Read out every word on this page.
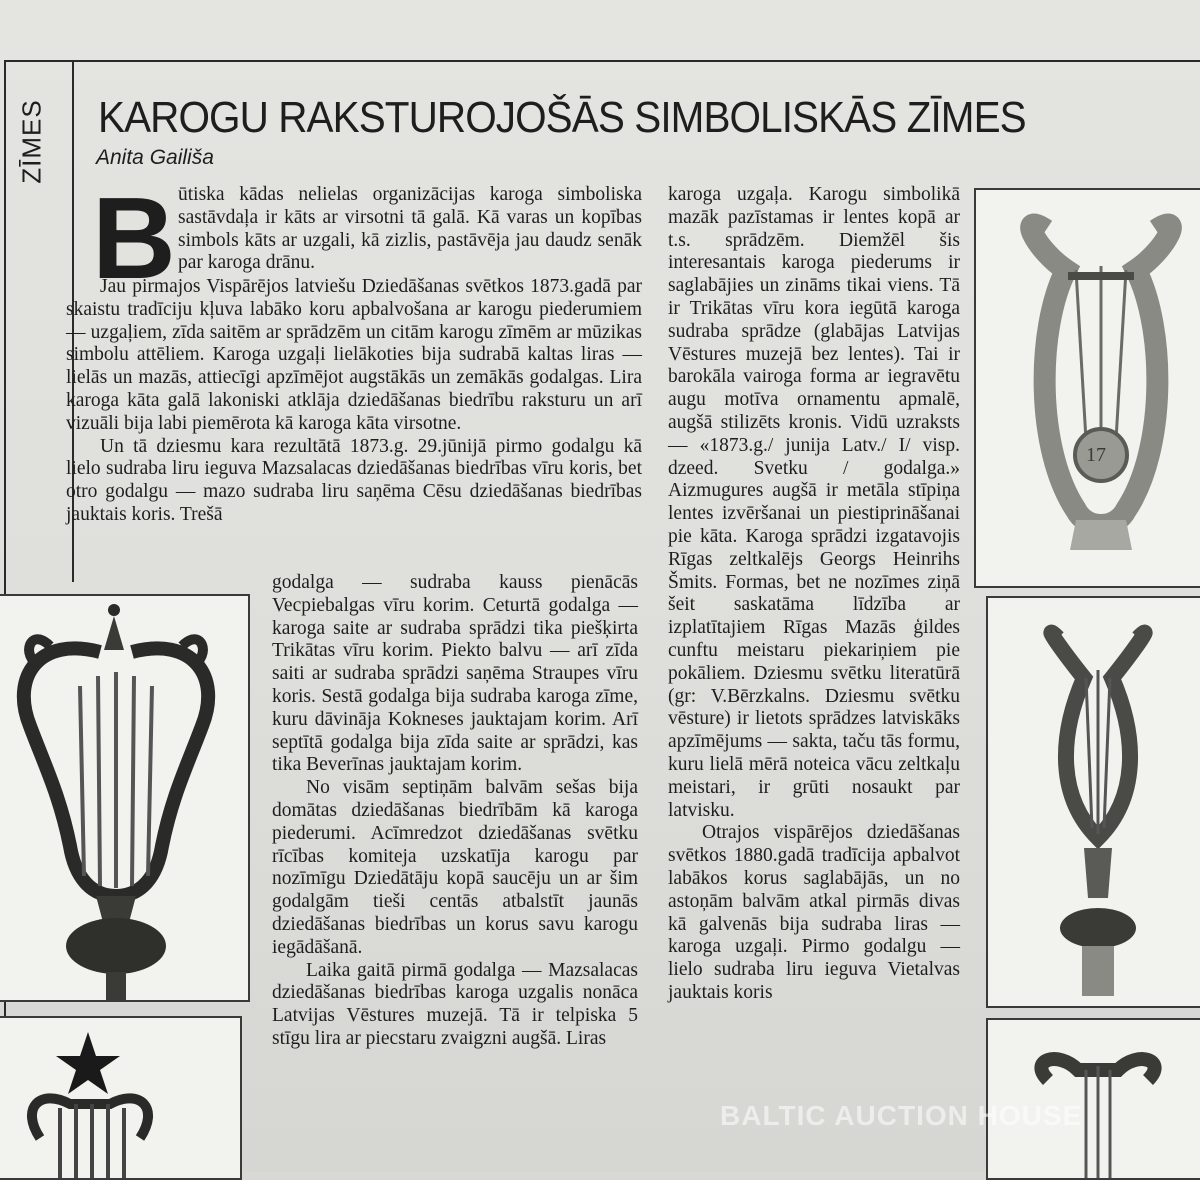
ZĪMES KAROGU RAKSTUROJOŠĀS SIMBOLISKĀS ZĪMES
Anita Gailiša
B ūtiska kādas nelielas organizācijas karoga simboliska sastāvdaļa ir kāts ar virsotni tā galā. Kā varas un kopības simbols kāts ar uzgali, kā zizlis, pastāvēja jau daudz senāk par karoga drānu.

Jau pirmajos Vispārējos latviešu Dziedāšanas svētkos 1873.gadā par skaistu tradīciju kļuva labāko koru apbalvošana ar karogu piederumiem — uzgaļiem, zīda saitēm ar sprādzēm un citām karogu zīmēm ar mūzikas simbolu attēliem. Karoga uzgaļi lielākoties bija sudrabā kaltas liras — lielās un mazās, attiecīgi apzīmējot augstākās un zemākās godalgas. Lira karoga kāta galā lakoniski atklāja dziedāšanas biedrību raksturu un arī vizuāli bija labi piemērota kā karoga kāta virsotne.

Un tā dziesmu kara rezultātā 1873.g. 29.jūnijā pirmo godalgu kā lielo sudraba liru ieguva Mazsalacas dziedāšanas biedrības vīru koris, bet otro godalgu — mazo sudraba liru saņēma Cēsu dziedāšanas biedrības jauktais koris. Trešā

godalga — sudraba kauss pienācās Vecpiebalgas vīru korim. Ceturtā godalga —karoga saite ar sudraba sprādzi tika piešķirta Trikātas vīru korim. Piekto balvu — arī zīda saiti ar sudraba sprādzi saņēma Straupes vīru koris. Sestā godalga bija sudraba karoga zīme, kuru dāvināja Kokneses jauktajam korim. Arī septītā godalga bija zīda saite ar sprādzi, kas tika Beverīnas jauktajam korim.

No visām septiņām balvām sešas bija domātas dziedāšanas biedrībām kā karoga piederumi. Acīmredzot dziedāšanas svētku rīcības komiteja uzskatīja karogu par nozīmīgu Dziedātāju kopā saucēju un ar šim godalgām tieši centās atbalstīt jaunās dziedāšanas biedrības un korus savu karogu iegādāšanā.

Laika gaitā pirmā godalga — Mazsalacas dziedāšanas biedrības karoga uzgalis nonāca Latvijas Vēstures muzejā. Tā ir telpiska 5 stīgu lira ar piecstaru zvaigzni augšā. Liras

karoga uzgaļa. Karogu simbolikā mazāk pazīstamas ir lentes kopā ar t.s. sprādzēm. Diemžēl šis interesantais karoga piederums ir saglabājies un zināms tikai viens. Tā ir Trikātas vīru kora iegūtā karoga sudraba sprādze (glabājas Latvijas Vēstures muzejā bez lentes). Tai ir barokāla vairoga forma ar iegravētu augu motīva ornamentu apmalē, augšā stilizēts kronis. Vidū uzraksts — «1873.g./ junija Latv./ I/ visp. dzeed. Svetku / godalga.» Aizmugures augšā ir metāla stīpiņa lentes izvēršanai un piestiprināšanai pie kāta. Karoga sprādzi izgatavojis Rīgas zeltkalējs Georgs Heinrihs Šmits. Formas, bet ne nozīmes ziņā šeit saskatāma līdzība ar izplatītajiem Rīgas Mazās ģildes cunftu meistaru piekariņiem pie pokāliem. Dziesmu svētku literatūrā (gr: V.Bērzkalns. Dziesmu svētku vēsture) ir lietots sprādzes latviskāks apzīmējums — sakta, taču tās formu, kuru lielā mērā noteica vācu zeltkaļu meistari, ir grūti nosaukt par latvisku.

Otrajos vispārējos dziedāšanas svētkos 1880.gadā tradīcija apbalvot labākos korus saglabājās, un no astoņām balvām atkal pirmās divas kā galvenās bija sudraba liras — karoga uzgaļi. Pirmo godalgu — lielo sudraba liru ieguva Vietalvas jauktais koris

17
BALTIC AUCTION HOUSE
